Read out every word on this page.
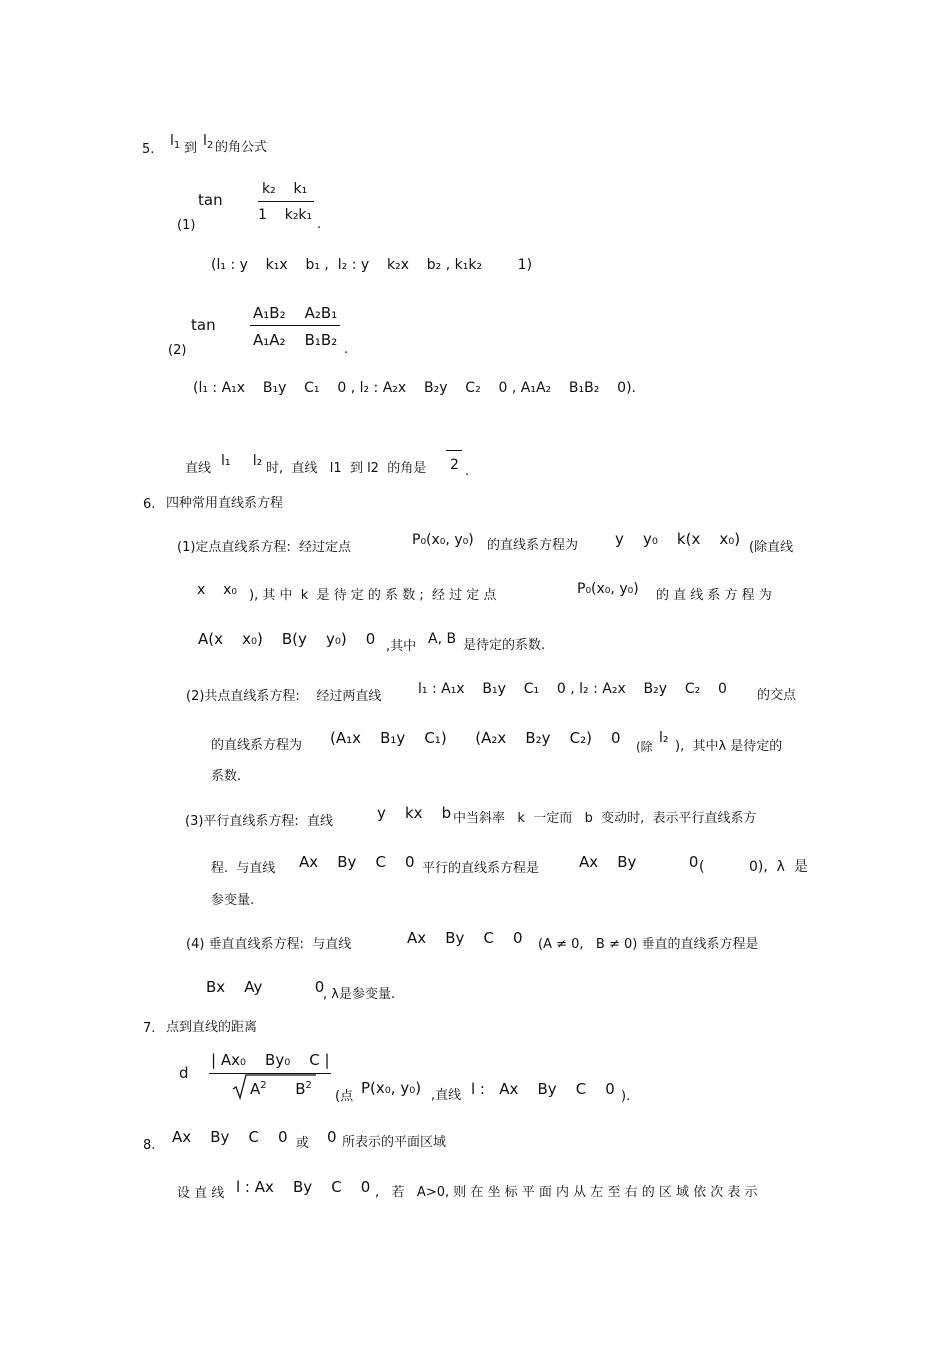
5.
$l_1$ 到 $l_2$ 的角公式
(1)
tan
k₂    k₁
1    k₂k₁
.
(l₁ : y    k₁x    b₁ ,  l₂ : y    k₂x    b₂ , k₁k₂        1)
(2)
tan
A₁B₂    A₂B₁
A₁A₂    B₁B₂
.
(l₁ : A₁x    B₁y    C₁    0 , l₂ : A₂x    B₂y    C₂    0 , A₁A₂    B₁B₂    0).
直线 l₁     l₂ 时,  直线   l1  到 l2  的角是 2 .
6. 四种常用直线系方程
(1)定点直线系方程:  经过定点	P₀(x₀, y₀) 的直线系方程为 y    y₀    k(x    x₀) (除直线
x    x₀ ), 其 中  k  是 待 定 的 系 数 ;  经 过 定 点	P₀(x₀, y₀) 的 直 线 系 方 程 为
A(x    x₀)    B(y    y₀)    0 ,其中 A, B 是待定的系数.
(2)共点直线系方程:    经过两直线	l₁ : A₁x    B₁y    C₁    0 , l₂ : A₂x    B₂y    C₂    0 的交点
的直线系方程为 (A₁x    B₁y    C₁)      (A₂x    B₂y    C₂)    0 (除
l₂
),  其中λ 是待定的
系数.
(3)平行直线系方程:  直线	y    kx    b 中当斜率   k  一定而   b  变动时,  表示平行直线系方
程.  与直线 Ax    By    C    0 平行的直线系方程是	Ax    By           0 (          0),  λ  是
参变量.
(4) 垂直直线系方程:  与直线	Ax    By    C    0 (A ≠ 0,   B ≠ 0) 垂直的直线系方程是
Bx    Ay           0
, λ是参变量.
7. 点到直线的距离
d
| Ax₀    By₀    C |
$A^2$ $B^2$
(点 P(x₀, y₀) ,直线 l :   Ax    By    C    0 ).
8. Ax    By    C    0 或 0 所表示的平面区域
设 直 线 l : Ax    By    C    0 ,   若   A>0, 则 在 坐 标 平 面 内 从 左 至 右 的 区 域 依 次 表 示
